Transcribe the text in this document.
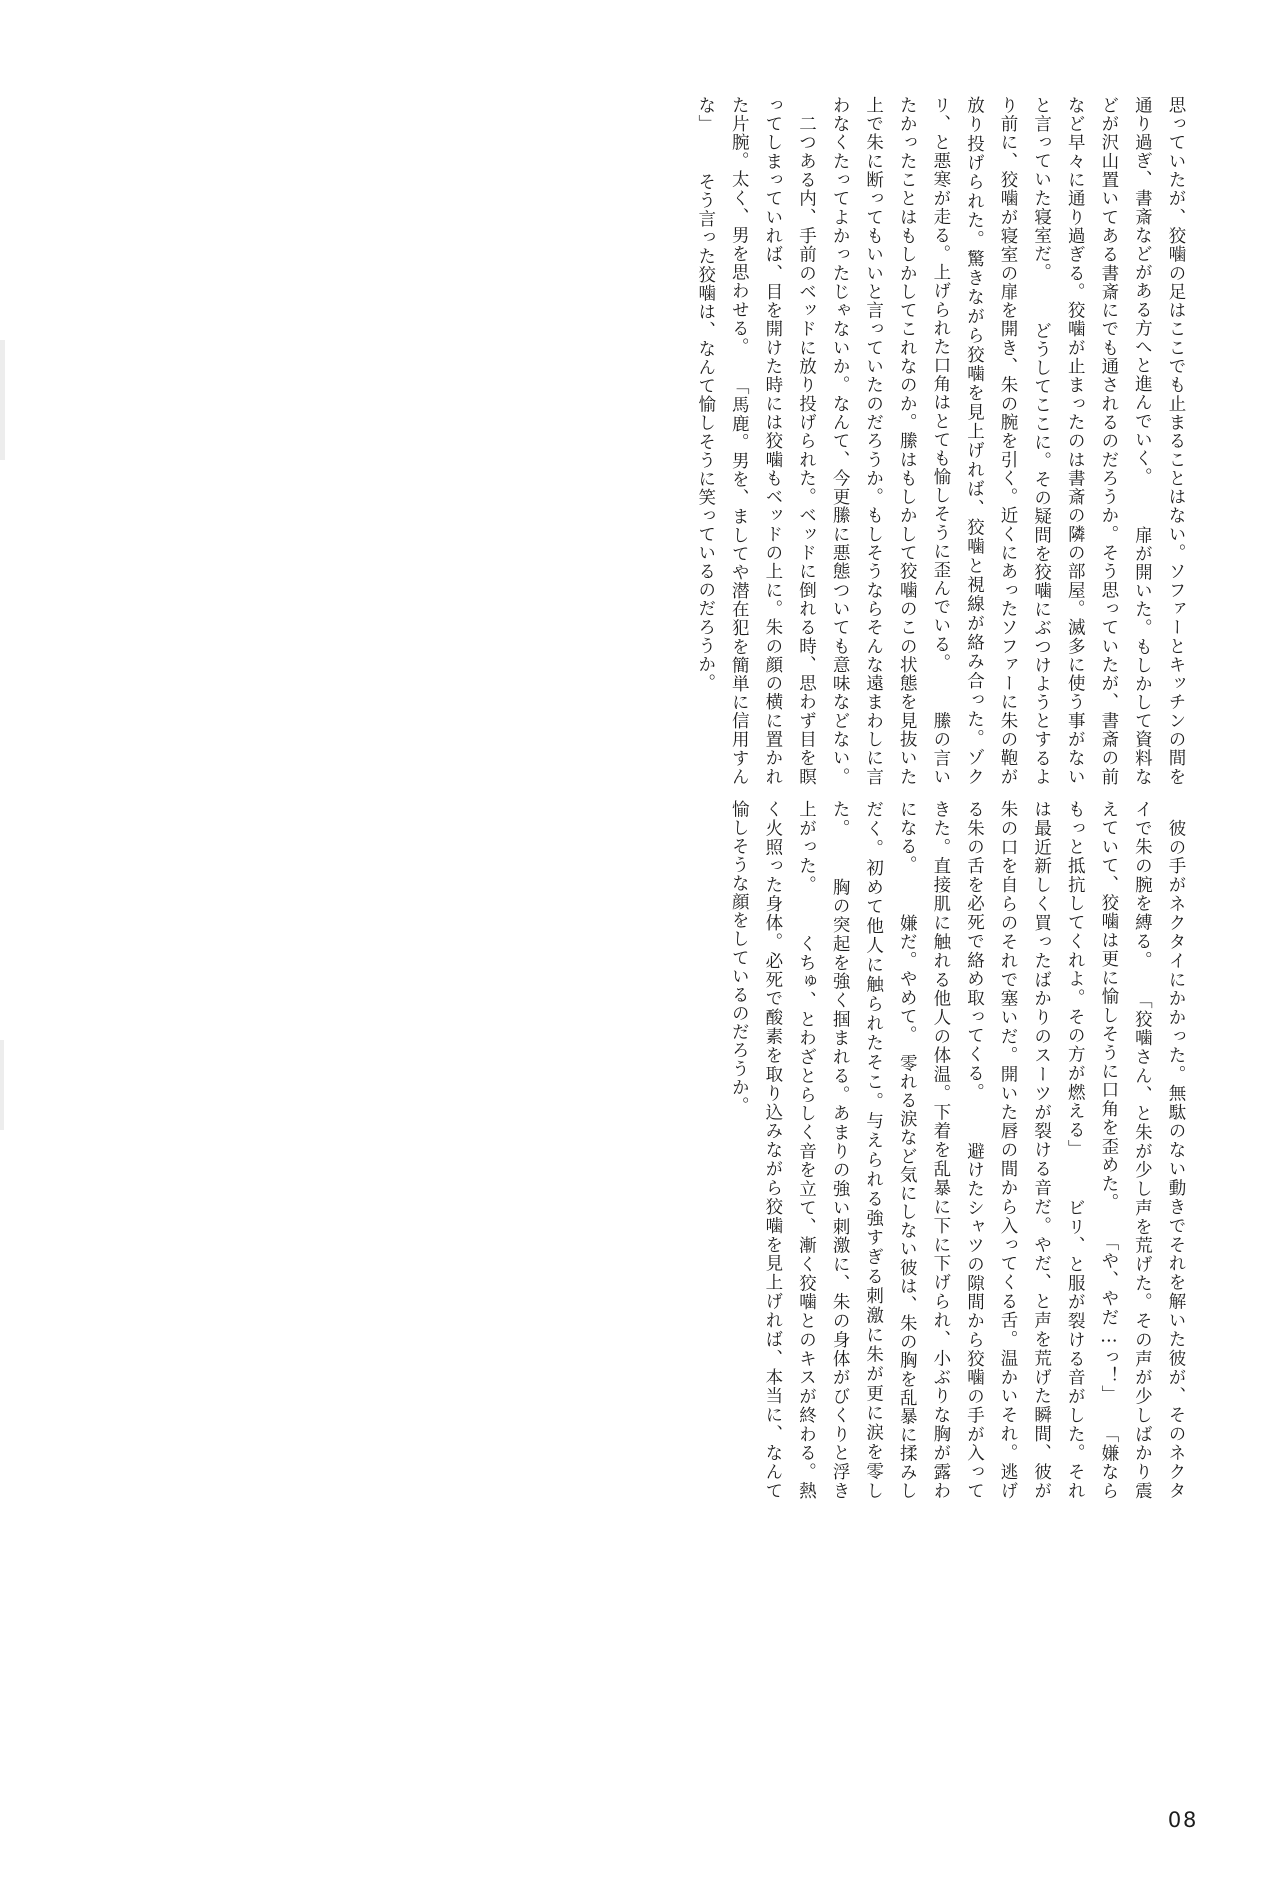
思っていたが、狡噛の足はここでも止まることはない。ソファーとキッチンの間を通り過ぎ、書斎などがある方へと進んでいく。 　扉が開いた。もしかして資料などが沢山置いてある書斎にでも通されるのだろうか。そう思っていたが、書斎の前など早々に通り過ぎる。狡噛が止まったのは書斎の隣の部屋。滅多に使う事がないと言っていた寝室だ。 　どうしてここに。その疑問を狡噛にぶつけようとするより前に、狡噛が寝室の扉を開き、朱の腕を引く。近くにあったソファーに朱の鞄が放り投げられた。驚きながら狡噛を見上げれば、狡噛と視線が絡み合った。ゾクリ、と悪寒が走る。上げられた口角はとても愉しそうに歪んでいる。 　縢の言いたかったことはもしかしてこれなのか。縢はもしかして狡噛のこの状態を見抜いた上で朱に断ってもいいと言っていたのだろうか。もしそうならそんな遠まわしに言わなくたってよかったじゃないか。なんて、今更縢に悪態ついても意味などない。 　二つある内、手前のベッドに放り投げられた。ベッドに倒れる時、思わず目を瞑ってしまっていれば、目を開けた時には狡噛もベッドの上に。朱の顔の横に置かれた片腕。太く、男を思わせる。 「馬鹿。男を、ましてや潜在犯を簡単に信用すんな」 　そう言った狡噛は、なんて愉しそうに笑っているのだろうか。
　彼の手がネクタイにかかった。無駄のない動きでそれを解いた彼が、そのネクタイで朱の腕を縛る。 「狡噛さん、と朱が少し声を荒げた。その声が少しばかり震えていて、狡噛は更に愉しそうに口角を歪めた。 「や、やだ…っ！」 「嫌ならもっと抵抗してくれよ。その方が燃える」 　ビリ、と服が裂ける音がした。それは最近新しく買ったばかりのスーツが裂ける音だ。やだ、と声を荒げた瞬間、彼が朱の口を自らのそれで塞いだ。開いた唇の間から入ってくる舌。温かいそれ。逃げる朱の舌を必死で絡め取ってくる。 　避けたシャツの隙間から狡噛の手が入ってきた。直接肌に触れる他人の体温。下着を乱暴に下に下げられ、小ぶりな胸が露わになる。 　嫌だ。やめて。　零れる涙など気にしない彼は、朱の胸を乱暴に揉みしだく。初めて他人に触られたそこ。与えられる強すぎる刺激に朱が更に涙を零した。 　胸の突起を強く掴まれる。あまりの強い刺激に、朱の身体がびくりと浮き上がった。 　くちゅ、とわざとらしく音を立て、漸く狡噛とのキスが終わる。熱く火照った身体。必死で酸素を取り込みながら狡噛を見上げれば、本当に、なんて愉しそうな顔をしているのだろうか。
08
